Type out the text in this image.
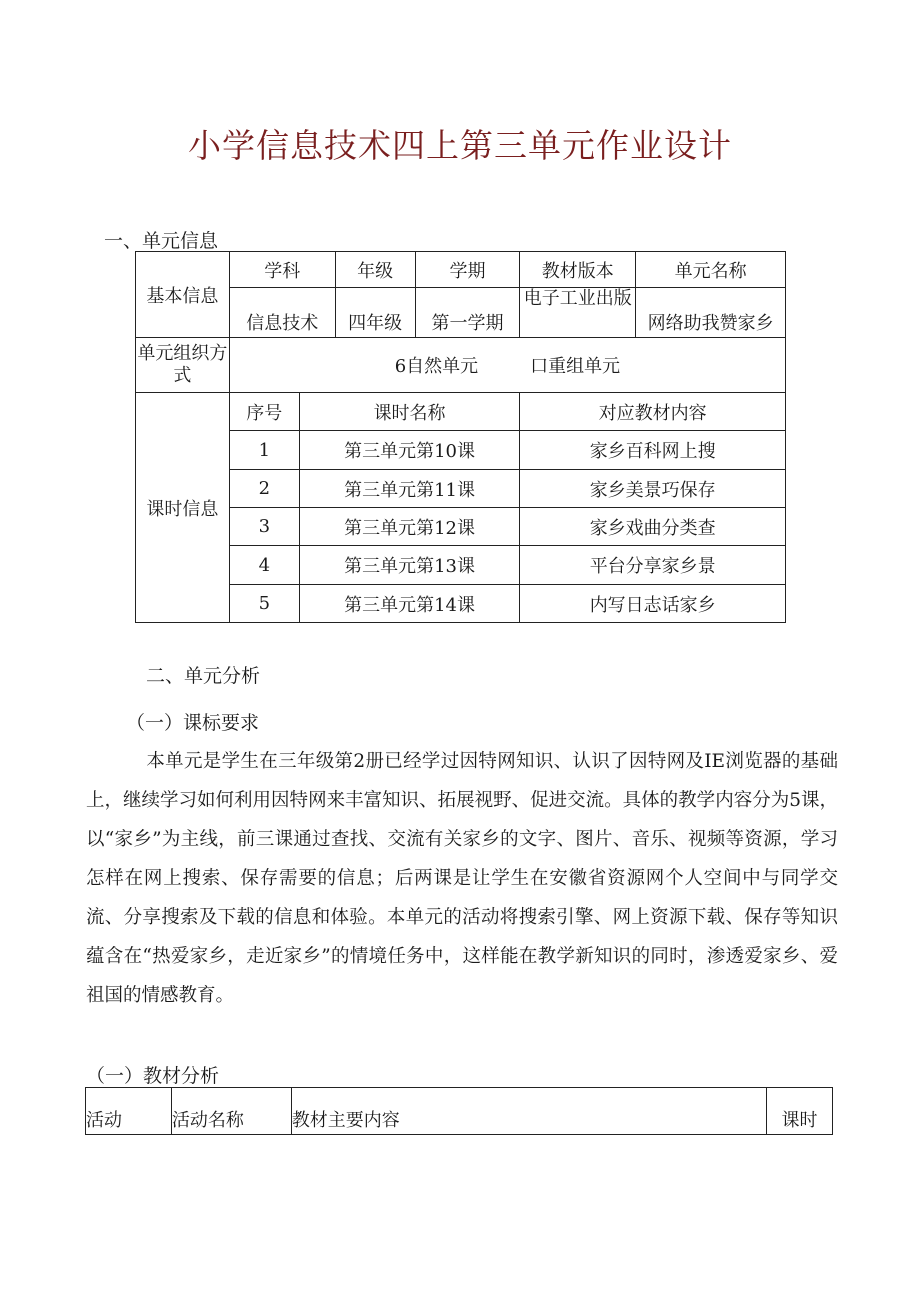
小学信息技术四上第三单元作业设计
一、单元信息
基本信息	学科		年级	学期	教材版本	单元名称
	信息技术		四年级	第一学期	电子工业出版	网络助我赞家乡
单元组织方式	6自然单元 口重组单元					
课时信息	序号	课时名称			对应教材内容	
	1	第三单元第10课			家乡百科网上搜	
	2	第三单元第11课			家乡美景巧保存	
	3	第三单元第12课			家乡戏曲分类查	
	4	第三单元第13课			平台分享家乡景	
	5	第三单元第14课			内写日志话家乡	
二、单元分析
（一）课标要求
本单元是学生在三年级第2册已经学过因特网知识、认识了因特网及IE浏览器的基础上，继续学习如何利用因特网来丰富知识、拓展视野、促进交流。具体的教学内容分为5课，以“家乡”为主线，前三课通过查找、交流有关家乡的文字、图片、音乐、视频等资源，学习怎样在网上搜索、保存需要的信息；后两课是让学生在安徽省资源网个人空间中与同学交流、分享搜索及下载的信息和体验。本单元的活动将搜索引擎、网上资源下载、保存等知识蕴含在“热爱家乡，走近家乡”的情境任务中，这样能在教学新知识的同时，渗透爱家乡、爱祖国的情感教育。
（一）教材分析
活动	活动名称	教材主要内容	课时
